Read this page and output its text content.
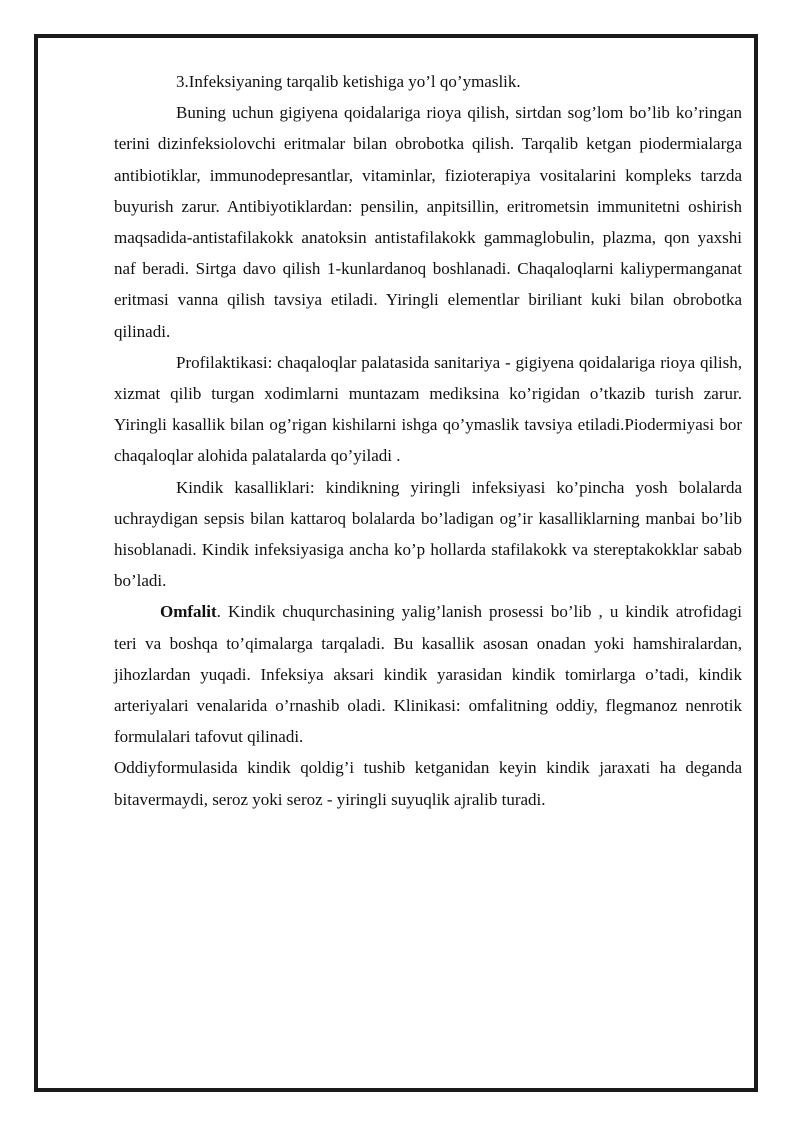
3.Infeksiyaning tarqalib ketishiga yo’l qo’ymaslik.

Buning uchun gigiyena qoidalariga rioya qilish, sirtdan sog’lom bo’lib ko’ringan terini dizinfeksiolovchi eritmalar bilan obrobotka qilish. Tarqalib ketgan piodermialarga antibiotiklar, immunodepresantlar, vitaminlar, fizioterapiya vositalarini kompleks tarzda buyurish zarur. Antibiyotiklardan: pensilin, anpitsillin, eritrometsin immunitetni oshirish maqsadida-antistafilakokk anatoksin antistafilakokk gammaglobulin, plazma, qon yaxshi naf beradi. Sirtga davo qilish 1-kunlardanoq boshlanadi. Chaqaloqlarni kaliypermanganat eritmasi vanna qilish tavsiya etiladi. Yiringli elementlar biriliant kuki bilan obrobotka qilinadi.

Profilaktikasi: chaqaloqlar palatasida sanitariya - gigiyena qoidalariga rioya qilish, xizmat qilib turgan xodimlarni muntazam mediksina ko’rigidan o’tkazib turish zarur. Yiringli kasallik bilan og’rigan kishilarni ishga qo’ymaslik tavsiya etiladi.Piodermiyasi bor chaqaloqlar alohida palatalarda qo’yiladi .

Kindik kasalliklari: kindikning yiringli infeksiyasi ko’pincha yosh bolalarda uchraydigan sepsis bilan kattaroq bolalarda bo’ladigan og’ir kasalliklarning manbai bo’lib hisoblanadi. Kindik infeksiyasiga ancha ko’p hollarda stafilakokk va stereptakokklar sabab bo’ladi.

Omfalit. Kindik chuqurchasining yalig’lanish prosessi bo’lib , u kindik atrofidagi teri va boshqa to’qimalarga tarqaladi. Bu kasallik asosan onadan yoki hamshiralardan, jihozlardan yuqadi. Infeksiya aksari kindik yarasidan kindik tomirlarga o’tadi, kindik arteriyalari venalarida o’rnashib oladi. Klinikasi: omfalitning oddiy, flegmanoz nenrotik formulalari tafovut qilinadi.

Oddiyformulasida kindik qoldig’i tushib ketganidan keyin kindik jaraxati ha deganda bitavermaydi, seroz yoki seroz - yiringli suyuqlik ajralib turadi.
